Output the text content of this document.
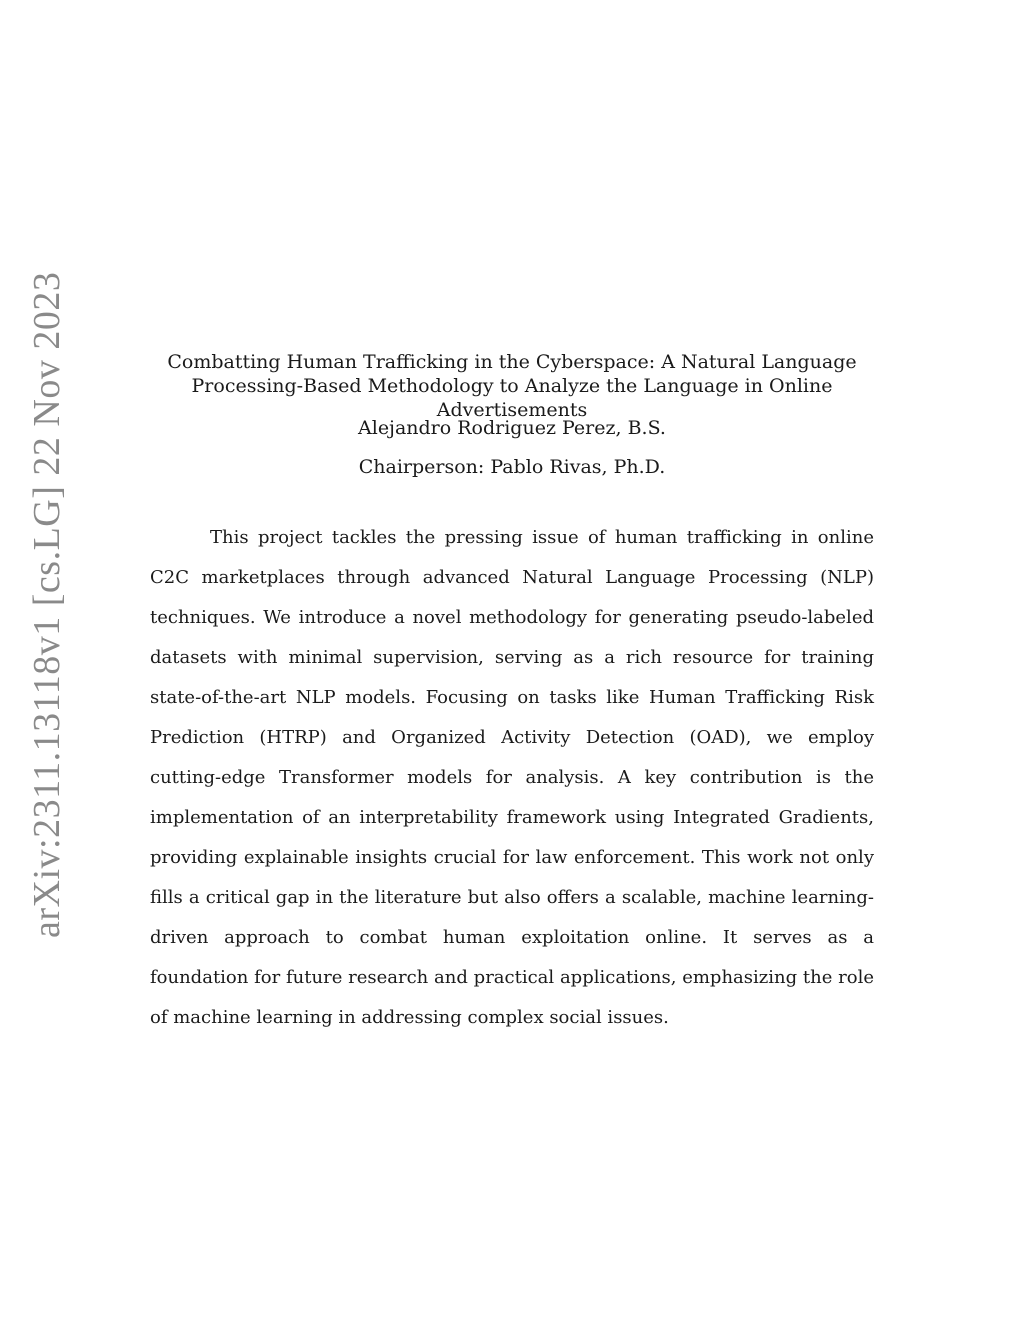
arXiv:2311.13118v1 [cs.LG] 22 Nov 2023	Combatting Human Trafficking in the Cyberspace: A Natural Language
Processing-Based Methodology to Analyze the Language in Online Advertisements
Alejandro Rodriguez Perez, B.S.
Chairperson: Pablo Rivas, Ph.D.

This project tackles the pressing issue of human trafficking in online C2C marketplaces through advanced Natural Language Processing (NLP) techniques. We introduce a novel methodology for generating pseudo-labeled datasets with minimal supervision, serving as a rich resource for training state-of-the-art NLP models. Focusing on tasks like Human Trafficking Risk Prediction (HTRP) and Organized Activity Detection (OAD), we employ cutting-edge Transformer models for analysis. A key contribution is the implementation of an interpretability framework using Integrated Gradients, providing explainable insights crucial for law enforcement. This work not only fills a critical gap in the literature but also offers a scalable, machine learningdriven approach to combat human exploitation online. It serves as a foundation for future research and practical applications, emphasizing the role of machine learning in addressing complex social issues.
